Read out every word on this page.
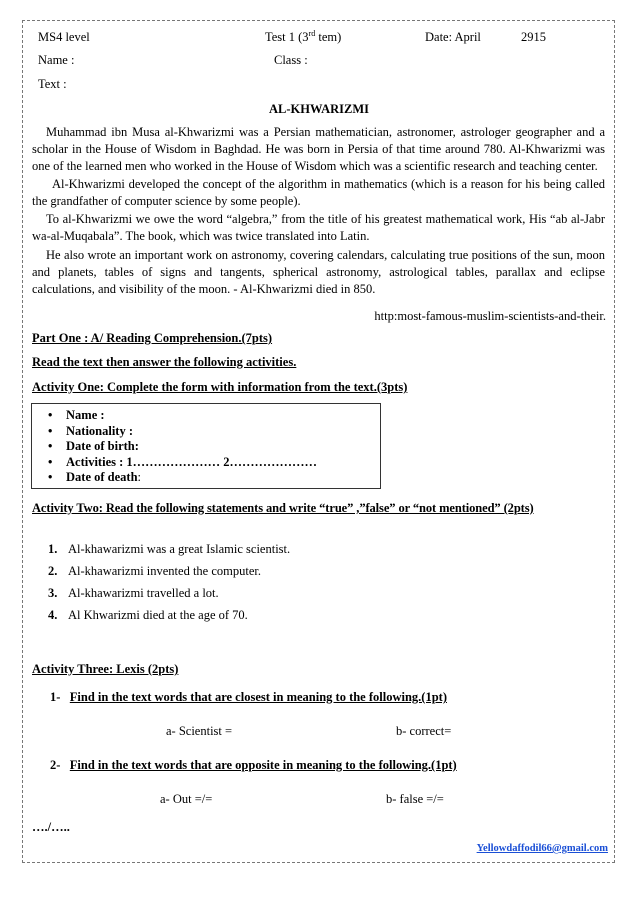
MS4 level	Test 1 (3rd tem)	Date: April	2915
Name :	Class :
Text :
AL-KHWARIZMI
Muhammad ibn Musa al-Khwarizmi was a Persian mathematician, astronomer, astrologer geographer and a scholar in the House of Wisdom in Baghdad. He was born in Persia of that time around 780. Al-Khwarizmi was one of the learned men who worked in the House of Wisdom which was a scientific research and teaching center.
Al-Khwarizmi developed the concept of the algorithm in mathematics (which is a reason for his being called the grandfather of computer science by some people).
To al-Khwarizmi we owe the word “algebra,” from the title of his greatest mathematical work, His “ab al-Jabr wa-al-Muqabala”. The book, which was twice translated into Latin.
He also wrote an important work on astronomy, covering calendars, calculating true positions of the sun, moon and planets, tables of signs and tangents, spherical astronomy, astrological tables, parallax and eclipse calculations, and visibility of the moon. - Al-Khwarizmi died in 850.
http:most-famous-muslim-scientists-and-their.
Part One : A/ Reading Comprehension.(7pts)
Read the text then answer the following activities.
Activity One: Complete the form with information from the text.(3pts)
• Name :
• Nationality :
• Date of birth:
• Activities : 1………………… 2…………………
• Date of death:
Activity Two: Read the following statements and write “true” ,”false” or “not mentioned” (2pts)
1. Al-khawarizmi was a great Islamic scientist.
2. Al-khawarizmi invented the computer.
3. Al-khawarizmi travelled a lot.
4. Al Khwarizmi died at the age of 70.
Activity Three: Lexis (2pts)
1- Find in the text words that are closest in meaning to the following.(1pt)
a- Scientist =	b- correct=
2- Find in the text words that are opposite in meaning to the following.(1pt)
a- Out =/=	b- false =/=
…./…..
Yellowdaffodil66@gmail.com
